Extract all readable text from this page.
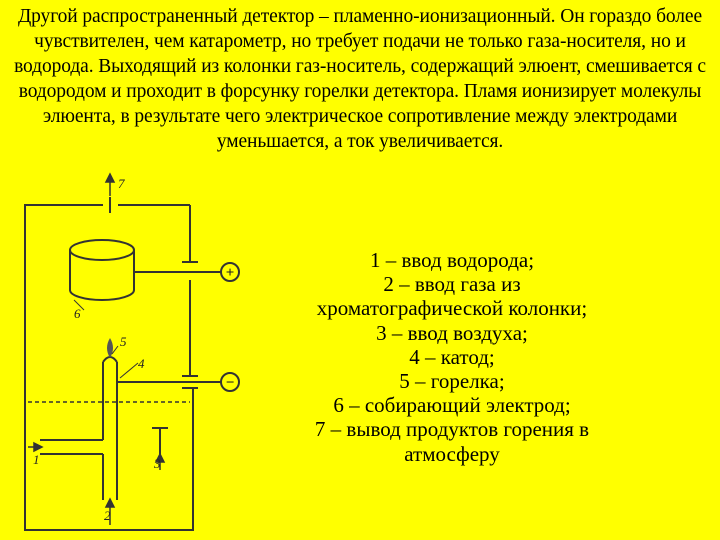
Другой распространенный детектор – пламенно-ионизационный. Он гораздо более чувствителен, чем катарометр, но требует подачи не только газа-носителя, но и водорода. Выходящий из колонки газ-носитель, содержащий элюент, смешивается с водородом и проходит в форсунку горелки детектора. Пламя ионизирует молекулы элюента, в результате чего электрическое сопротивление между электродами уменьшается, а ток увеличивается.

+
−
7
6
5
4
1	3
2
1 – ввод водорода;
2 – ввод газа из хроматографической колонки;
3 – ввод воздуха;
4 – катод;
5 – горелка;
6 – собирающий электрод;
7 – вывод продуктов горения в атмосферу
